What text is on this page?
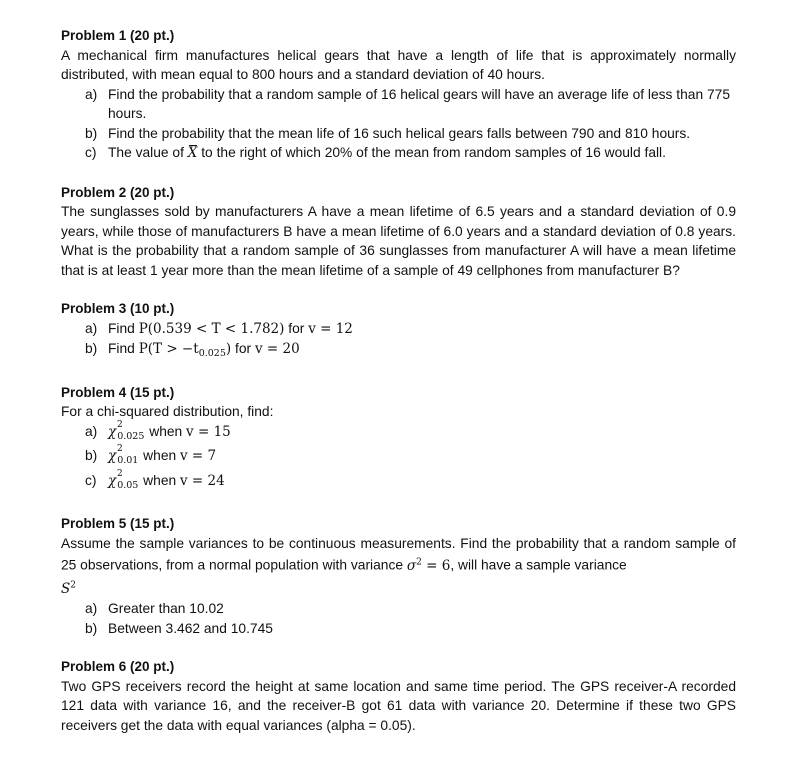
Problem 1 (20 pt.)

A mechanical firm manufactures helical gears that have a length of life that is approximately normally distributed, with mean equal to 800 hours and a standard deviation of 40 hours.

a) Find the probability that a random sample of 16 helical gears will have an average life of less than 775 hours.
b) Find the probability that the mean life of 16 such helical gears falls between 790 and 810 hours.
c) The value of X to the right of which 20% of the mean from random samples of 16 would fall.

Problem 2 (20 pt.)

The sunglasses sold by manufacturers A have a mean lifetime of 6.5 years and a standard deviation of 0.9 years, while those of manufacturers B have a mean lifetime of 6.0 years and a standard deviation of 0.8 years. What is the probability that a random sample of 36 sunglasses from manufacturer A will have a mean lifetime that is at least 1 year more than the mean lifetime of a sample of 49 cellphones from manufacturer B?

Problem 3 (10 pt.)

a) Find P(0.539 < T < 1.782) for v = 12
b) Find $P(T > -t_{0.025})$ for v = 20

Problem 4 (15 pt.)

For a chi-squared distribution, find:

a) χ 2
0.025 when v = 15
b) χ 2
0.01 when v = 7
c) χ 2
0.05 when v = 24

Problem 5 (15 pt.)

Assume the sample variances to be continuous measurements. Find the probability that a random sample of 25 observations, from a normal population with variance $\sigma^2 = 6$, will have a sample variance
$S^2$

a) Greater than 10.02
b) Between 3.462 and 10.745

Problem 6 (20 pt.)

Two GPS receivers record the height at same location and same time period. The GPS receiver-A recorded 121 data with variance 16, and the receiver-B got 61 data with variance 20. Determine if these two GPS receivers get the data with equal variances (alpha = 0.05).
